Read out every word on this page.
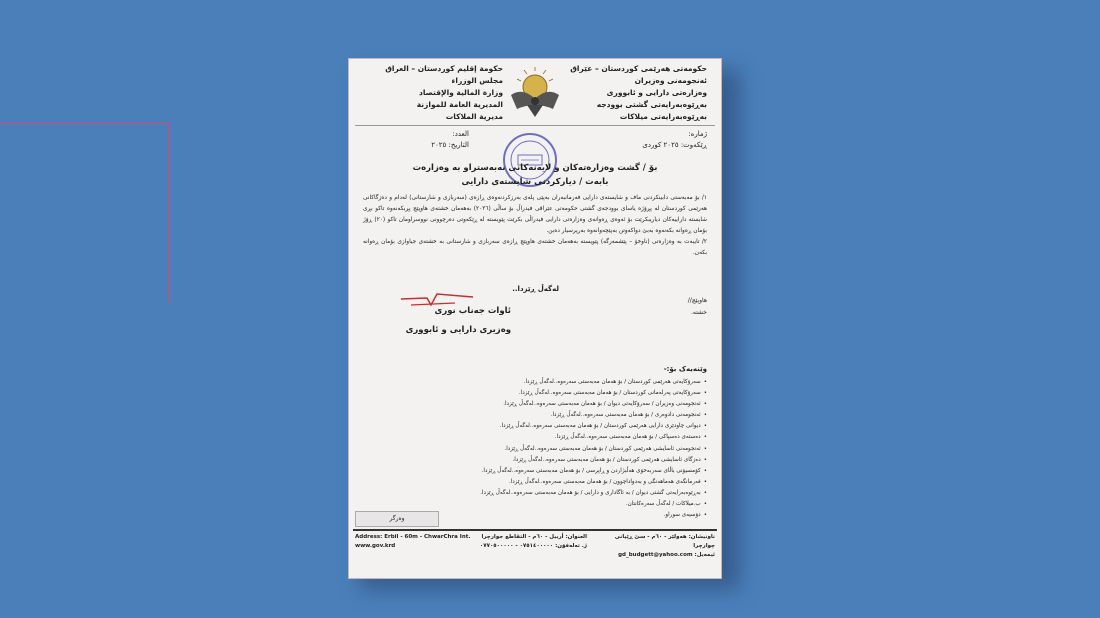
حکومەتی هەرێمی کوردستان – عێراق
ئەنجومەنی وەزیران
وەزارەتی دارایی و ئابووری
بەڕێوەبەرایەتی گشتی بوودجە
بەڕێوەبەرایەتی میلاکات
حكومة إقليم كوردستان – العراق
مجلس الوزراء
وزارة المالية والإقتصاد
المديرية العامة للموازنة
مديرية الملاكات
ژمارە:
ڕێکەوت: ٢٠٢٥ کوردی
العدد:
التاريخ: ٢٠٢٥
بۆ / گشت وەزارەتەکان و لایەنەکانی نەبەستراو بە وەزارەت
بابەت / دیارکردنی شایستەی دارایی
١/ بۆ مەبەستی دابینکردنی ماف و شایستەی دارایی فەرمانبەران بەپێی پلەی بەرزکردنەوەی ڕازەی (سەربازی و شارستانی) لەدام و دەزگاکانی هەرێمی کوردستان لە پڕۆژە یاسای بوودجەی گشتی حکومەتی عێراقی فیدراڵ بۆ ساڵی (٢٠٢٦) بەهەمان خشتەی هاوپێچ پڕبکەنەوە تاکو بڕی شایستە داراییەکان دیاریبکرێت بۆ ئەوەی ڕەوانەی وەزارەتی دارایی فیدراڵی بکرێت پێویستە لە ڕێکەوتی دەرچوونی نووسراومان تاکو (٢٠) ڕۆژ بۆمان ڕەوانە بکەنەوە بەبێ دواکەوتن بەپێچەوانەوە بەرپرسیار دەبن.
٢/ تایبەت بە وەزارەتی (ناوخۆ – پێشمەرگە) پێویستە بەهەمان خشتەی هاوپێچ ڕازەی سەربازی و شارستانی بە خشتەی جیاوازی بۆمان ڕەوانە بکەن.
لەگەڵ ڕێزدا..
هاوپێچ//
خشتە.
ئاوات جەناب نوری
وەزیری دارایی و ئابووری
وێنەیەک بۆ:-
• سەرۆکایەتی هەرێمی کوردستان / بۆ هەمان مەبەستی سەرەوە..لەگەڵ ڕێزدا.
• سەرۆکایەتی پەرلەمانی کوردستان / بۆ هەمان مەبەستی سەرەوە..لەگەڵ ڕێزدا.
• ئەنجومەنی وەزیران / سەرۆکایەتی دیوان / بۆ هەمان مەبەستی سەرەوە..لەگەڵ ڕێزدا.
• ئەنجومەنی دادوەری / بۆ هەمان مەبەستی سەرەوە..لەگەڵ ڕێزدا.
• دیوانی چاودێری دارایی هەرێمی کوردستان / بۆ هەمان مەبەستی سەرەوە..لەگەڵ ڕێزدا.
• دەستەی دەسپاکی / بۆ هەمان مەبەستی سەرەوە..لەگەڵ ڕێزدا.
• ئەنجومەنی ئاسایشی هەرێمی کوردستان / بۆ هەمان مەبەستی سەرەوە..لەگەڵ ڕێزدا.
• دەزگای ئاسایشی هەرێمی کوردستان / بۆ هەمان مەبەستی سەرەوە..لەگەڵ ڕێزدا.
• کۆمسیۆنی باڵای سەربەخۆی هەڵبژاردن و ڕاپرسی / بۆ هەمان مەبەستی سەرەوە..لەگەڵ ڕێزدا.
• فەرمانگەی هەماهەنگی و بەدواداچوون / بۆ هەمان مەبەستی سەرەوە..لەگەڵ ڕێزدا.
• بەڕێوەبەرایەتی گشتی دیوان / بە ئاگاداری و دارایی / بۆ هەمان مەبەستی سەرەوە..لەگەڵ ڕێزدا.
• ب.میلاکات / لەگەڵ سەرەکانتان.
• دۆسیەی سوراو.
وەرگر
Address: Erbil - 60m - ChwarChra Int.
www.gov.krd
العنوان: أربيل - ٦٠م - التقاطع جوارچرا
ژ. تەلەفۆن: ٠٧٥١٤٠٠٠٠٠ - ٠٧٧٠٥٠٠٠٠٠
ناونیشان: هەولێر - ٦٠م - سێ ڕێیانی چوارچرا
ئیمەیل: gd_budgett@yahoo.com
